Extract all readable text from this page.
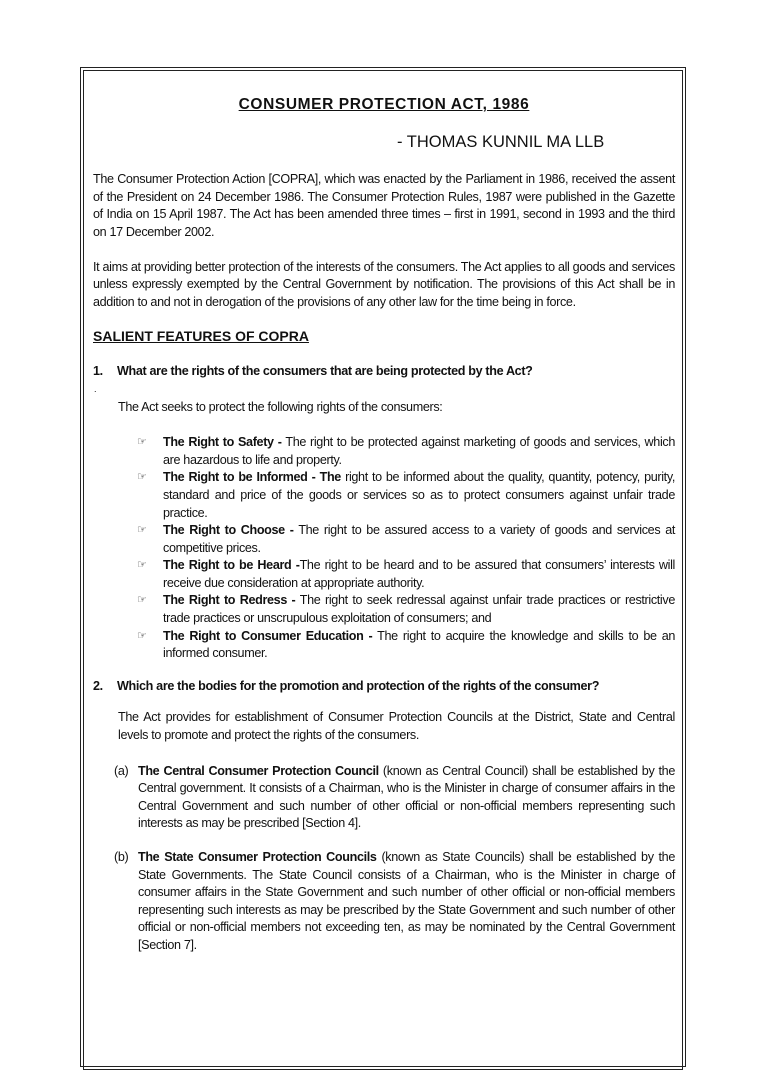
CONSUMER PROTECTION ACT, 1986
- THOMAS KUNNIL MA LLB

The Consumer Protection Action [COPRA], which was enacted by the Parliament in 1986, received the assent of the President on 24 December 1986. The Consumer Protection Rules, 1987 were published in the Gazette of India on 15 April 1987. The Act has been amended three times – first in 1991, second in 1993 and the third on 17 December 2002.

It aims at providing better protection of the interests of the consumers. The Act applies to all goods and services unless expressly exempted by the Central Government by notification. The provisions of this Act shall be in addition to and not in derogation of the provisions of any other law for the time being in force.

SALIENT FEATURES OF COPRA
1.	What are the rights of the consumers that are being protected by the Act?
.

The Act seeks to protect the following rights of the consumers:

☞	The Right to Safety - The right to be protected against marketing of goods and services, which are hazardous to life and property.
☞	The Right to be Informed - The right to be informed about the quality, quantity, potency, purity, standard and price of the goods or services so as to protect consumers against unfair trade practice.
☞	The Right to Choose - The right to be assured access to a variety of goods and services at competitive prices.
☞	The Right to be Heard -The right to be heard and to be assured that consumers’ interests will receive due consideration at appropriate authority.
☞	The Right to Redress - The right to seek redressal against unfair trade practices or restrictive trade practices or unscrupulous exploitation of consumers; and
☞	The Right to Consumer Education - The right to acquire the knowledge and skills to be an informed consumer.
2.	Which are the bodies for the promotion and protection of the rights of the consumer?

The Act provides for establishment of Consumer Protection Councils at the District, State and Central levels to promote and protect the rights of the consumers.

(a) The Central Consumer Protection Council (known as Central Council) shall be established by the Central government. It consists of a Chairman, who is the Minister in charge of consumer affairs in the Central Government and such number of other official or non-official members representing such interests as may be prescribed [Section 4].
(b) The State Consumer Protection Councils (known as State Councils) shall be established by the State Governments. The State Council consists of a Chairman, who is the Minister in charge of consumer affairs in the State Government and such number of other official or non-official members representing such interests as may be prescribed by the State Government and such number of other official or non-official members not exceeding ten, as may be nominated by the Central Government [Section 7].
